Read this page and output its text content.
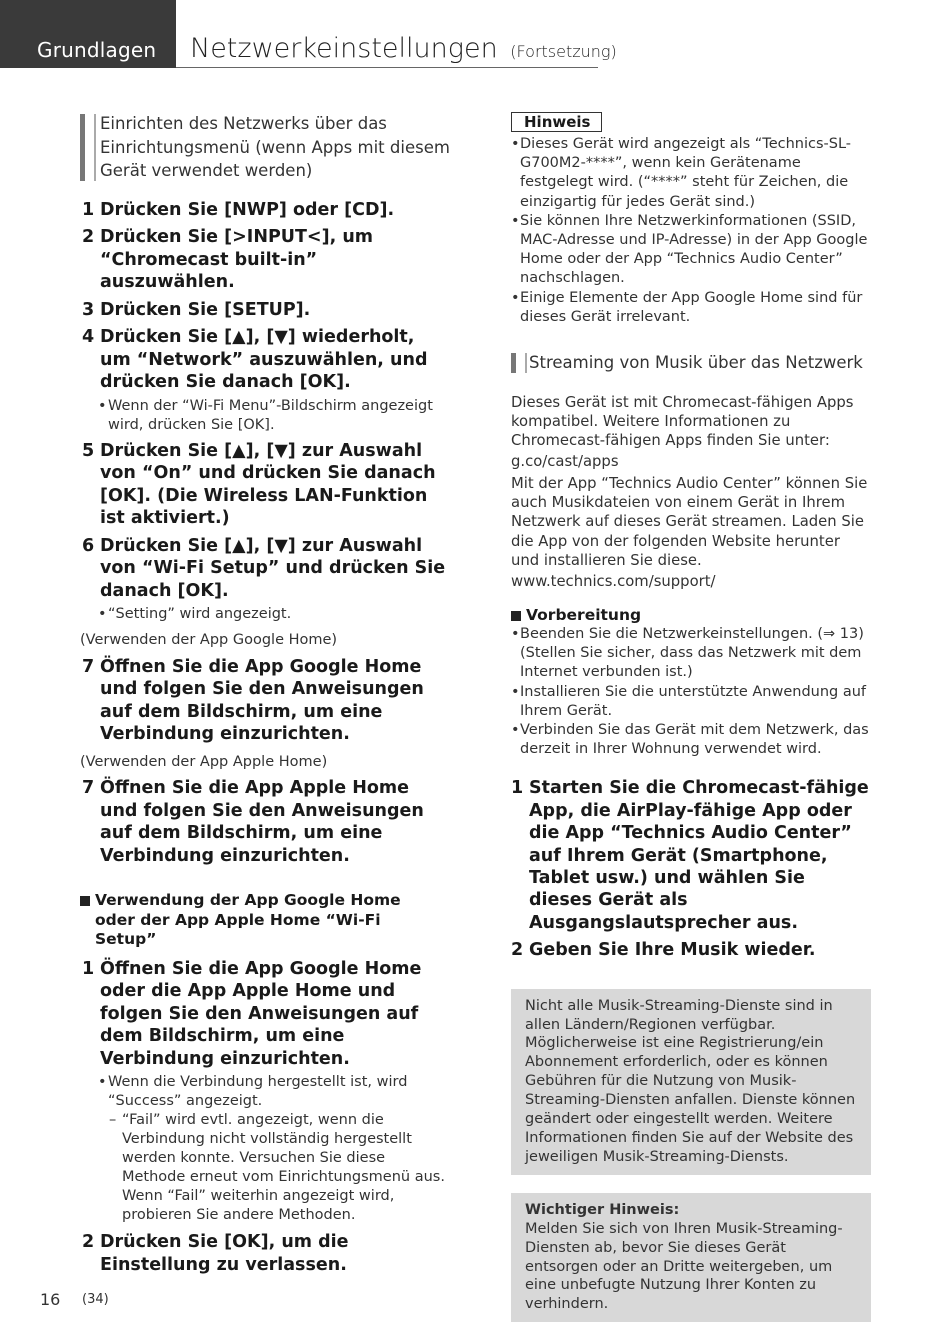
Grundlagen Netzwerkeinstellungen (Fortsetzung)
Einrichten des Netzwerks über das Einrichtungsmenü (wenn Apps mit diesem Gerät verwendet werden)
1 Drücken Sie [NWP] oder [CD].
2 Drücken Sie [>INPUT<], um “Chromecast built-in” auszuwählen.
3 Drücken Sie [SETUP].
4 Drücken Sie [▲], [▼] wiederholt, um “Network” auszuwählen, und drücken Sie danach [OK].
• Wenn der “Wi-Fi Menu”-Bildschirm angezeigt wird, drücken Sie [OK].
5 Drücken Sie [▲], [▼] zur Auswahl von “On” und drücken Sie danach [OK]. (Die Wireless LAN-Funktion ist aktiviert.)
6 Drücken Sie [▲], [▼] zur Auswahl von “Wi-Fi Setup” und drücken Sie danach [OK].
• “Setting” wird angezeigt.
(Verwenden der App Google Home)
7 Öffnen Sie die App Google Home und folgen Sie den Anweisungen auf dem Bildschirm, um eine Verbindung einzurichten.
(Verwenden der App Apple Home)
7 Öffnen Sie die App Apple Home und folgen Sie den Anweisungen auf dem Bildschirm, um eine Verbindung einzurichten.
Verwendung der App Google Home oder der App Apple Home “Wi-Fi Setup”
1 Öffnen Sie die App Google Home oder die App Apple Home und folgen Sie den Anweisungen auf dem Bildschirm, um eine Verbindung einzurichten.
• Wenn die Verbindung hergestellt ist, wird “Success” angezeigt.
– “Fail” wird evtl. angezeigt, wenn die Verbindung nicht vollständig hergestellt werden konnte. Versuchen Sie diese Methode erneut vom Einrichtungsmenü aus. Wenn “Fail” weiterhin angezeigt wird, probieren Sie andere Methoden.
2 Drücken Sie [OK], um die Einstellung zu verlassen.
Hinweis
• Dieses Gerät wird angezeigt als “Technics-SL-G700M2-****”, wenn kein Gerätename festgelegt wird. (“****” steht für Zeichen, die einzigartig für jedes Gerät sind.)
• Sie können Ihre Netzwerkinformationen (SSID, MAC-Adresse und IP-Adresse) in der App Google Home oder der App “Technics Audio Center” nachschlagen.
• Einige Elemente der App Google Home sind für dieses Gerät irrelevant.
Streaming von Musik über das Netzwerk
Dieses Gerät ist mit Chromecast-fähigen Apps kompatibel. Weitere Informationen zu Chromecast-fähigen Apps finden Sie unter:
g.co/cast/apps
Mit der App “Technics Audio Center” können Sie auch Musikdateien von einem Gerät in Ihrem Netzwerk auf dieses Gerät streamen. Laden Sie die App von der folgenden Website herunter und installieren Sie diese.
www.technics.com/support/
Vorbereitung
• Beenden Sie die Netzwerkeinstellungen. (⇒ 13) (Stellen Sie sicher, dass das Netzwerk mit dem Internet verbunden ist.)
• Installieren Sie die unterstützte Anwendung auf Ihrem Gerät.
• Verbinden Sie das Gerät mit dem Netzwerk, das derzeit in Ihrer Wohnung verwendet wird.
1 Starten Sie die Chromecast-fähige App, die AirPlay-fähige App oder die App “Technics Audio Center” auf Ihrem Gerät (Smartphone, Tablet usw.) und wählen Sie dieses Gerät als Ausgangslautsprecher aus.
2 Geben Sie Ihre Musik wieder.
Nicht alle Musik-Streaming-Dienste sind in allen Ländern/Regionen verfügbar. Möglicherweise ist eine Registrierung/ein Abonnement erforderlich, oder es können Gebühren für die Nutzung von Musik-Streaming-Diensten anfallen. Dienste können geändert oder eingestellt werden. Weitere Informationen finden Sie auf der Website des jeweiligen Musik-Streaming-Diensts.
Wichtiger Hinweis:
Melden Sie sich von Ihren Musik-Streaming-Diensten ab, bevor Sie dieses Gerät entsorgen oder an Dritte weitergeben, um eine unbefugte Nutzung Ihrer Konten zu verhindern.
16 (34)
